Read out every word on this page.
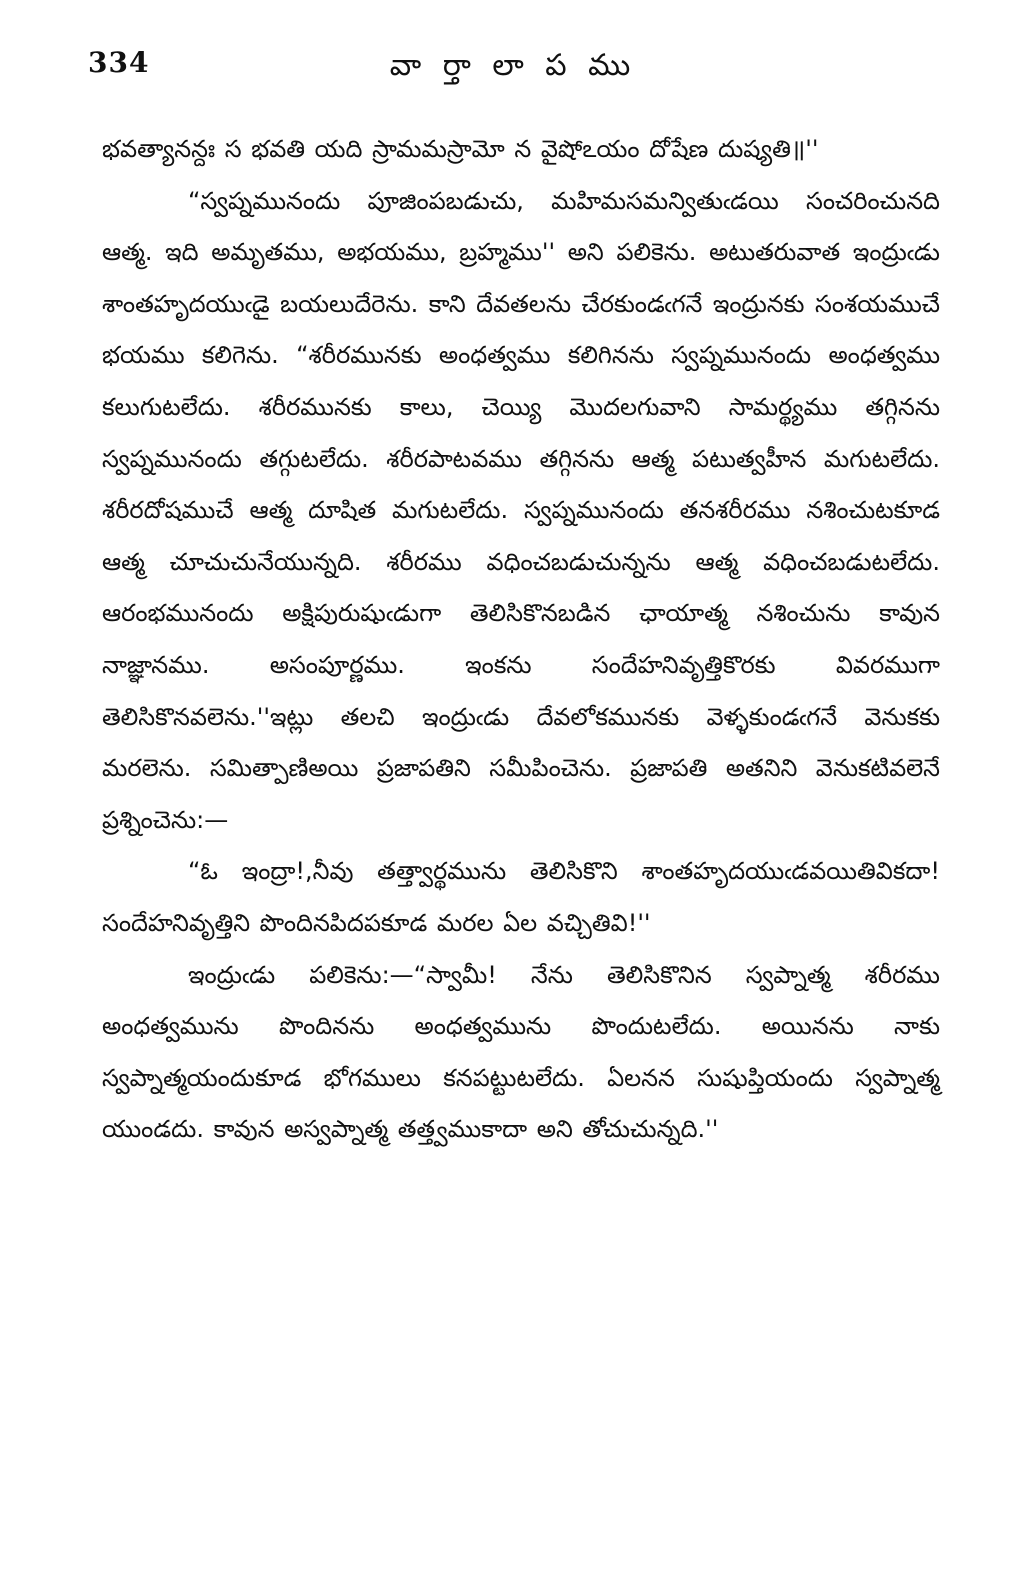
334	వా ర్తా లా ప ము

భవత్యానన్దః స భవతి యది స్రామమస్రామో న వైషోఽయం దోషేణ దుష్యతి॥''

“స్వప్నమునందు పూజింపబడుచు, మహిమసమన్వితుఁడయి సంచరించునది ఆత్మ. ఇది అమృతము, అభయము, బ్రహ్మము'' అని పలికెను. అటుతరువాత ఇంద్రుఁడు శాంతహృదయుఁడై బయలుదేరెను. కాని దేవతలను చేరకుండఁగనే ఇంద్రునకు సంశయముచే భయము కలిగెను. “శరీరమునకు అంధత్వము కలిగినను స్వప్నమునందు అంధత్వము కలుగుటలేదు. శరీరమునకు కాలు, చెయ్యి మొదలగువాని సామర్థ్యము తగ్గినను స్వప్నమునందు తగ్గుటలేదు. శరీరపాటవము తగ్గినను ఆత్మ పటుత్వహీన మగుటలేదు. శరీరదోషముచే ఆత్మ దూషిత మగుటలేదు. స్వప్నమునందు తనశరీరము నశించుటకూడ ఆత్మ చూచుచునేయున్నది. శరీరము వధించబడుచున్నను ఆత్మ వధించబడుటలేదు. ఆరంభమునందు అక్షిపురుషుఁడుగా తెలిసికొనబడిన ఛాయాత్మ నశించును కావున నాజ్ఞానము. అసంపూర్ణము. ఇంకను సందేహనివృత్తికొరకు వివరముగా తెలిసికొనవలెను.''ఇట్లు తలచి ఇంద్రుఁడు దేవలోకమునకు వెళ్ళకుండఁగనే వెనుకకు మరలెను. సమిత్పాణిఅయి ప్రజాపతిని సమీపించెను. ప్రజాపతి అతనిని వెనుకటివలెనే ప్రశ్నించెను:—

“ఓ ఇంద్రా!,నీవు తత్త్వార్థమును తెలిసికొని శాంతహృదయుఁడవయితివికదా! సందేహనివృత్తిని పొందినపిదపకూడ మరల ఏల వచ్చితివి!''

ఇంద్రుఁడు పలికెను:—“స్వామీ! నేను తెలిసికొనిన స్వప్నాత్మ శరీరము అంధత్వమును పొందినను అంధత్వమును పొందుటలేదు. అయినను నాకు స్వప్నాత్మయందుకూడ భోగములు కనపట్టుటలేదు. ఏలనన సుషుప్తియందు స్వప్నాత్మ యుండదు. కావున అస్వప్నాత్మ తత్త్వముకాదా అని తోచుచున్నది.''
